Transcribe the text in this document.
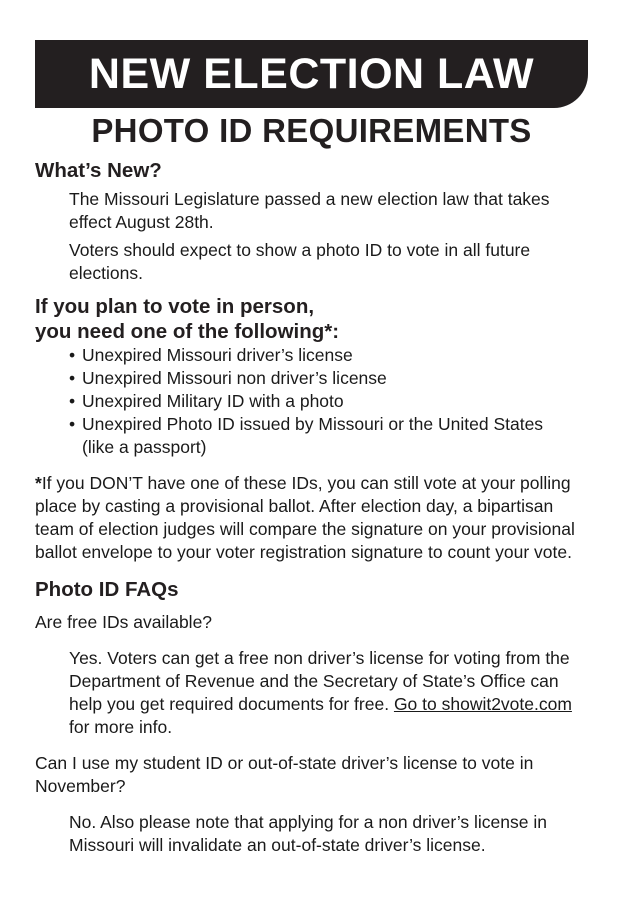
NEW ELECTION LAW
PHOTO ID REQUIREMENTS
What’s New?

The Missouri Legislature passed a new election law that takes effect August 28th.

Voters should expect to show a photo ID to vote in all future elections.

If you plan to vote in person,
you need one of the following*:
• Unexpired Missouri driver’s license
• Unexpired Missouri non driver’s license
• Unexpired Military ID with a photo
• Unexpired Photo ID issued by Missouri or the United States (like a passport)

*If you DON’T have one of these IDs, you can still vote at your polling place by casting a provisional ballot. After election day, a bipartisan team of election judges will compare the signature on your provisional ballot envelope to your voter registration signature to count your vote.

Photo ID FAQs

Are free IDs available?

Yes. Voters can get a free non driver’s license for voting from the Department of Revenue and the Secretary of State’s Office can help you get required documents for free. Go to showit2vote.com for more info.

Can I use my student ID or out-of-state driver’s license to vote in November?

No. Also please note that applying for a non driver’s license in Missouri will invalidate an out-of-state driver’s license.
